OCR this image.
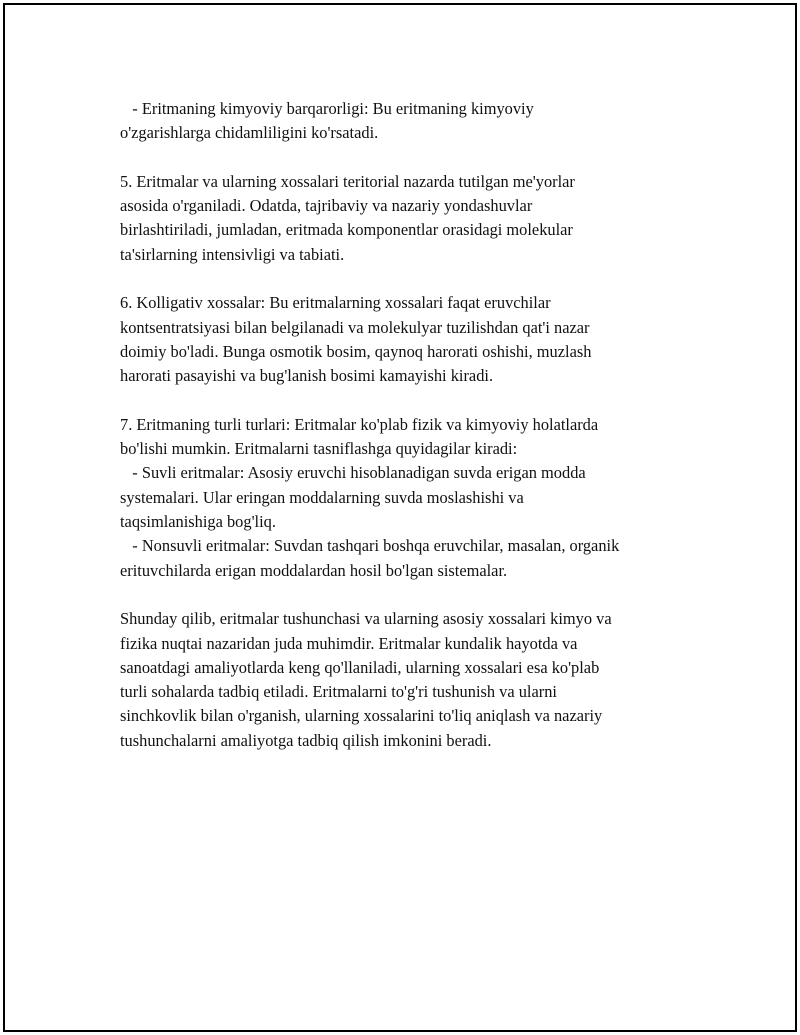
- Eritmaning kimyoviy barqarorligi: Bu eritmaning kimyoviy
o'zgarishlarga chidamliligini ko'rsatadi.
5. Eritmalar va ularning xossalari teritorial nazarda tutilgan me'yorlar
asosida o'rganiladi. Odatda, tajribaviy va nazariy yondashuvlar
birlashtiriladi, jumladan, eritmada komponentlar orasidagi molekular
ta'sirlarning intensivligi va tabiati.
6. Kolligativ xossalar: Bu eritmalarning xossalari faqat eruvchilar
kontsentratsiyasi bilan belgilanadi va molekulyar tuzilishdan qat'i nazar
doimiy bo'ladi. Bunga osmotik bosim, qaynoq harorati oshishi, muzlash
harorati pasayishi va bug'lanish bosimi kamayishi kiradi.
7. Eritmaning turli turlari: Eritmalar ko'plab fizik va kimyoviy holatlarda
bo'lishi mumkin. Eritmalarni tasniflashga quyidagilar kiradi:
- Suvli eritmalar: Asosiy eruvchi hisoblanadigan suvda erigan modda
systemalari. Ular eringan moddalarning suvda moslashishi va
taqsimlanishiga bog'liq.
- Nonsuvli eritmalar: Suvdan tashqari boshqa eruvchilar, masalan, organik
erituvchilarda erigan moddalardan hosil bo'lgan sistemalar.
Shunday qilib, eritmalar tushunchasi va ularning asosiy xossalari kimyo va
fizika nuqtai nazaridan juda muhimdir. Eritmalar kundalik hayotda va
sanoatdagi amaliyotlarda keng qo'llaniladi, ularning xossalari esa ko'plab
turli sohalarda tadbiq etiladi. Eritmalarni to'g'ri tushunish va ularni
sinchkovlik bilan o'rganish, ularning xossalarini to'liq aniqlash va nazariy
tushunchalarni amaliyotga tadbiq qilish imkonini beradi.
